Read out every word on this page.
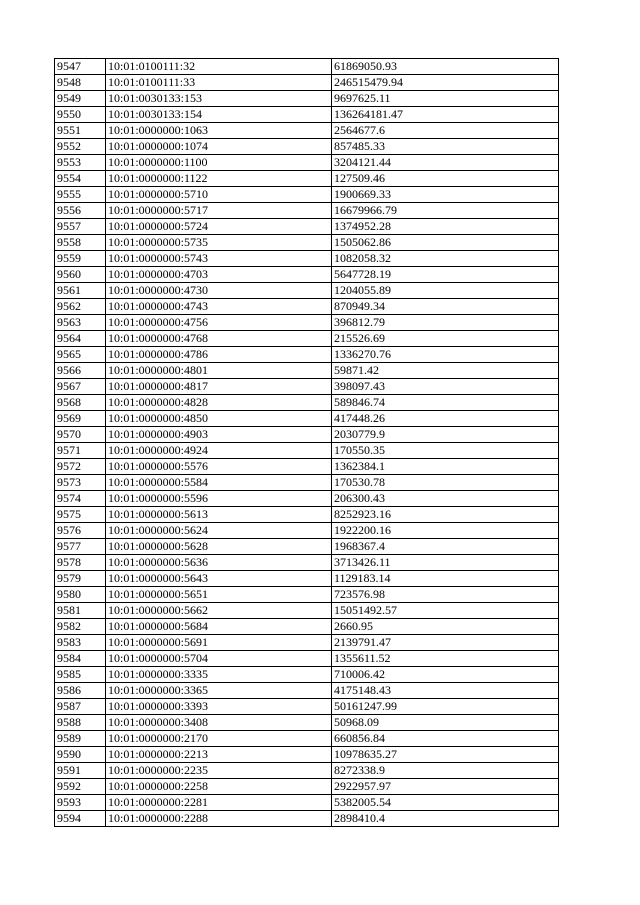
9547	10:01:0100111:32	61869050.93
9548	10:01:0100111:33	246515479.94
9549	10:01:0030133:153	9697625.11
9550	10:01:0030133:154	136264181.47
9551	10:01:0000000:1063	2564677.6
9552	10:01:0000000:1074	857485.33
9553	10:01:0000000:1100	3204121.44
9554	10:01:0000000:1122	127509.46
9555	10:01:0000000:5710	1900669.33
9556	10:01:0000000:5717	16679966.79
9557	10:01:0000000:5724	1374952.28
9558	10:01:0000000:5735	1505062.86
9559	10:01:0000000:5743	1082058.32
9560	10:01:0000000:4703	5647728.19
9561	10:01:0000000:4730	1204055.89
9562	10:01:0000000:4743	870949.34
9563	10:01:0000000:4756	396812.79
9564	10:01:0000000:4768	215526.69
9565	10:01:0000000:4786	1336270.76
9566	10:01:0000000:4801	59871.42
9567	10:01:0000000:4817	398097.43
9568	10:01:0000000:4828	589846.74
9569	10:01:0000000:4850	417448.26
9570	10:01:0000000:4903	2030779.9
9571	10:01:0000000:4924	170550.35
9572	10:01:0000000:5576	1362384.1
9573	10:01:0000000:5584	170530.78
9574	10:01:0000000:5596	206300.43
9575	10:01:0000000:5613	8252923.16
9576	10:01:0000000:5624	1922200.16
9577	10:01:0000000:5628	1968367.4
9578	10:01:0000000:5636	3713426.11
9579	10:01:0000000:5643	1129183.14
9580	10:01:0000000:5651	723576.98
9581	10:01:0000000:5662	15051492.57
9582	10:01:0000000:5684	2660.95
9583	10:01:0000000:5691	2139791.47
9584	10:01:0000000:5704	1355611.52
9585	10:01:0000000:3335	710006.42
9586	10:01:0000000:3365	4175148.43
9587	10:01:0000000:3393	50161247.99
9588	10:01:0000000:3408	50968.09
9589	10:01:0000000:2170	660856.84
9590	10:01:0000000:2213	10978635.27
9591	10:01:0000000:2235	8272338.9
9592	10:01:0000000:2258	2922957.97
9593	10:01:0000000:2281	5382005.54
9594	10:01:0000000:2288	2898410.4
